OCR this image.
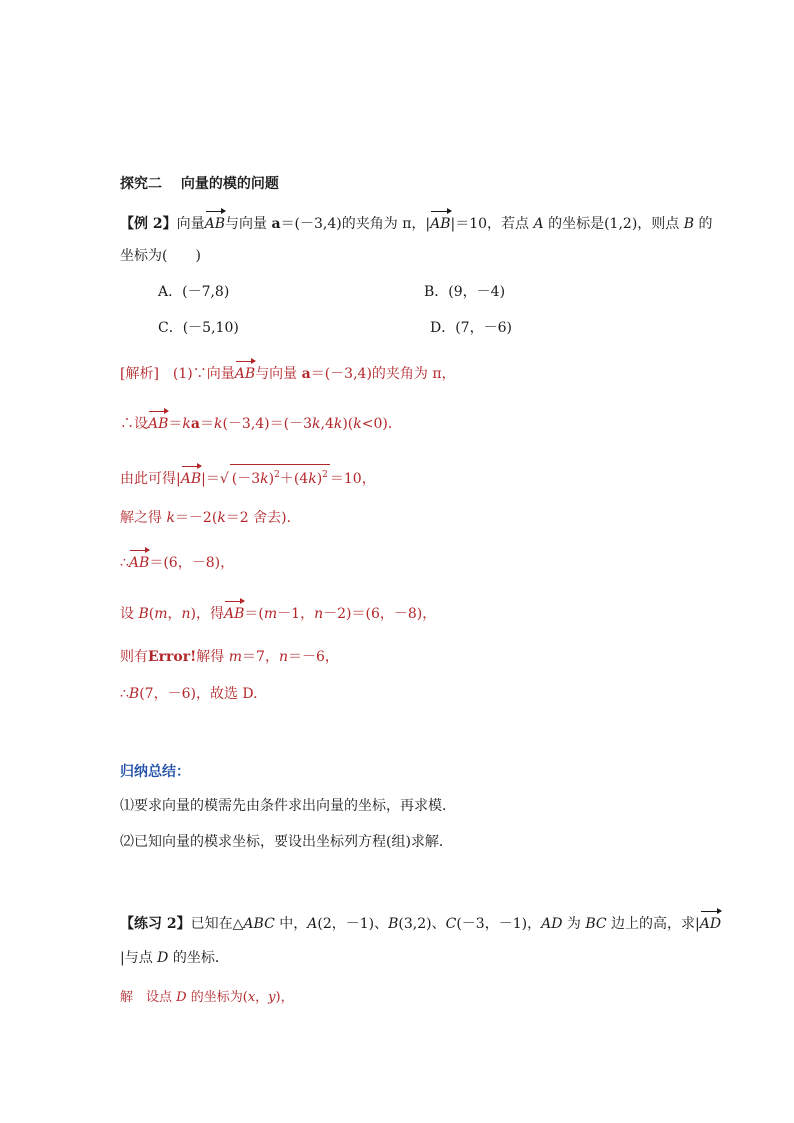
探究二　 向量的模的问题
【例 2】向量AB与向量 a＝(－3,4)的夹角为 π，|AB|＝10，若点 A 的坐标是(1,2)，则点 B 的
坐标为(　　)
A．(－7,8)	B．(9，－4)
C．(－5,10)	D．(7，－6)
[解析]　(1)∵向量AB与向量 a＝(－3,4)的夹角为 π，
∴设AB＝ka＝k(－3,4)＝(－3k,4k)(k<0)．
由此可得|AB|＝√ $(-3k)^2+(4k)^2 =10$，
解之得 k＝－2(k＝2 舍去)．
∴AB＝(6，－8)，
设 B(m，n)，得AB＝(m－1，n－2)＝(6，－8)，
则有Error!解得 m＝7，n＝－6，
∴B(7，－6)，故选 D.
归纳总结：
⑴要求向量的模需先由条件求出向量的坐标，再求模．
⑵已知向量的模求坐标，要设出坐标列方程(组)求解．
【练习 2】已知在△ABC 中，A(2，－1)、B(3,2)、C(－3，－1)，AD 为 BC 边上的高，求|AD
|与点 D 的坐标．
解　设点 D 的坐标为(x，y)，
